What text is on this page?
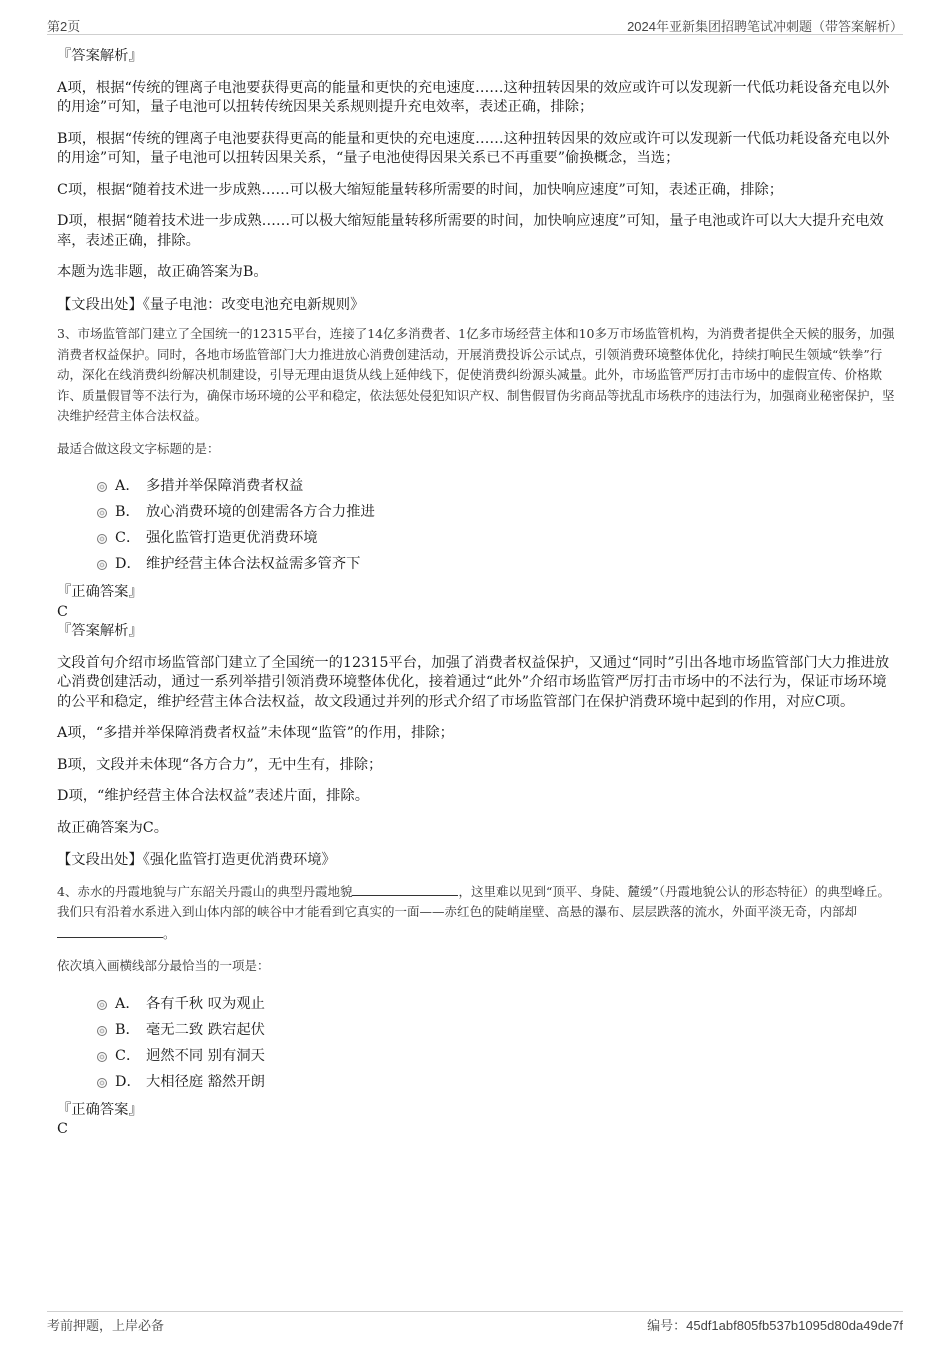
第2页	2024年亚新集团招聘笔试冲刺题（带答案解析）

『答案解析』

A项，根据“传统的锂离子电池要获得更高的能量和更快的充电速度……这种扭转因果的效应或许可以发现新一代低功耗设备充电以外的用途”可知，量子电池可以扭转传统因果关系规则提升充电效率，表述正确，排除；

B项，根据“传统的锂离子电池要获得更高的能量和更快的充电速度……这种扭转因果的效应或许可以发现新一代低功耗设备充电以外的用途”可知，量子电池可以扭转因果关系，“量子电池使得因果关系已不再重要”偷换概念，当选；

C项，根据“随着技术进一步成熟……可以极大缩短能量转移所需要的时间，加快响应速度”可知，表述正确，排除；

D项，根据“随着技术进一步成熟……可以极大缩短能量转移所需要的时间，加快响应速度”可知，量子电池或许可以大大提升充电效率，表述正确，排除。

本题为选非题，故正确答案为B。

【文段出处】《量子电池：改变电池充电新规则》

3、市场监管部门建立了全国统一的12315平台，连接了14亿多消费者、1亿多市场经营主体和10多万市场监管机构，为消费者提供全天候的服务，加强消费者权益保护。同时，各地市场监管部门大力推进放心消费创建活动，开展消费投诉公示试点，引领消费环境整体优化，持续打响民生领域“铁拳”行动，深化在线消费纠纷解决机制建设，引导无理由退货从线上延伸线下，促使消费纠纷源头减量。此外，市场监管严厉打击市场中的虚假宣传、价格欺诈、质量假冒等不法行为，确保市场环境的公平和稳定，依法惩处侵犯知识产权、制售假冒伪劣商品等扰乱市场秩序的违法行为，加强商业秘密保护，坚决维护经营主体合法权益。

最适合做这段文字标题的是：

A． 多措并举保障消费者权益
B． 放心消费环境的创建需各方合力推进
C． 强化监管打造更优消费环境
D． 维护经营主体合法权益需多管齐下

『正确答案』

C

『答案解析』

文段首句介绍市场监管部门建立了全国统一的12315平台，加强了消费者权益保护，又通过“同时”引出各地市场监管部门大力推进放心消费创建活动，通过一系列举措引领消费环境整体优化，接着通过“此外”介绍市场监管严厉打击市场中的不法行为，保证市场环境的公平和稳定，维护经营主体合法权益，故文段通过并列的形式介绍了市场监管部门在保护消费环境中起到的作用，对应C项。

A项，“多措并举保障消费者权益”未体现“监管”的作用，排除；

B项，文段并未体现“各方合力”，无中生有，排除；

D项，“维护经营主体合法权益”表述片面，排除。

故正确答案为C。

【文段出处】《强化监管打造更优消费环境》

4、赤水的丹霞地貌与广东韶关丹霞山的典型丹霞地貌	，这里难以见到“顶平、身陡、麓缓”（丹霞地貌公认的形态特征）的典型峰丘。我们只有沿着水系进入到山体内部的峡谷中才能看到它真实的一面——赤红色的陡峭崖壁、高悬的瀑布、层层跌落的流水，外面平淡无奇，内部却。

依次填入画横线部分最恰当的一项是：

A． 各有千秋 叹为观止
B． 毫无二致 跌宕起伏
C． 迥然不同 别有洞天
D． 大相径庭 豁然开朗

『正确答案』

C

考前押题，上岸必备	编号：45df1abf805fb537b1095d80da49de7f
